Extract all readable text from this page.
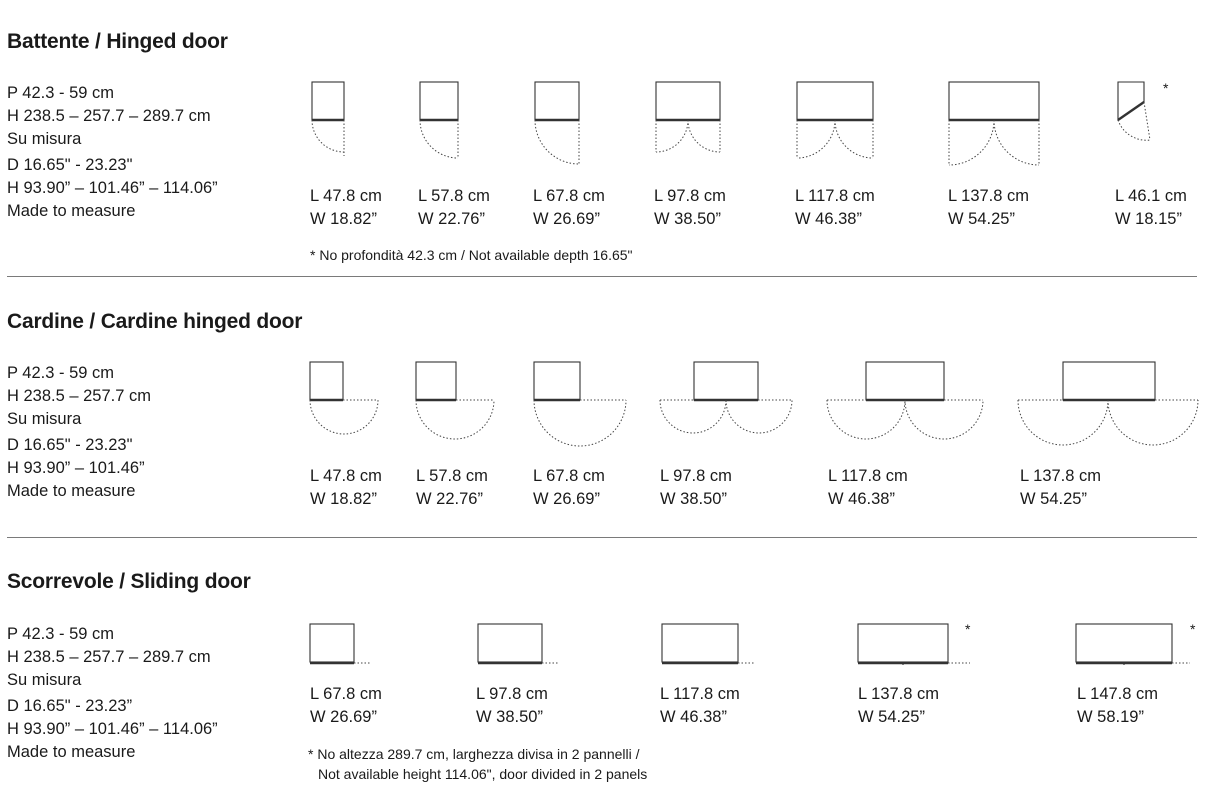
Battente / Hinged door
P 42.3 - 59 cm
H 238.5 – 257.7 – 289.7 cm
Su misura
D 16.65" - 23.23"
H 93.90” – 101.46” – 114.06”
Made to measure
L 47.8 cm
W 18.82”
L 57.8 cm
W 22.76”
L 67.8 cm
W 26.69”
L 97.8 cm
W 38.50”
L 117.8 cm
W 46.38”
L 137.8 cm
W 54.25”
*
L 46.1 cm
W 18.15”
* No profondità 42.3 cm / Not available depth 16.65"
Cardine / Cardine hinged door
P 42.3 - 59 cm
H 238.5 – 257.7 cm
Su misura
D 16.65" - 23.23"
H 93.90” – 101.46”
Made to measure
L 47.8 cm
W 18.82”
L 57.8 cm
W 22.76”
L 67.8 cm
W 26.69”
L 97.8 cm
W 38.50”
L 117.8 cm
W 46.38”
L 137.8 cm
W 54.25”
Scorrevole / Sliding door
P 42.3 - 59 cm
H 238.5 – 257.7 – 289.7 cm
Su misura
D 16.65" - 23.23”
H 93.90” – 101.46” – 114.06”
Made to measure
L 67.8 cm
W 26.69”
L 97.8 cm
W 38.50”
L 117.8 cm
W 46.38”
*
L 137.8 cm
W 54.25”
*
L 147.8 cm
W 58.19”
* No altezza 289.7 cm, larghezza divisa in 2 pannelli /
Not available height 114.06", door divided in 2 panels
